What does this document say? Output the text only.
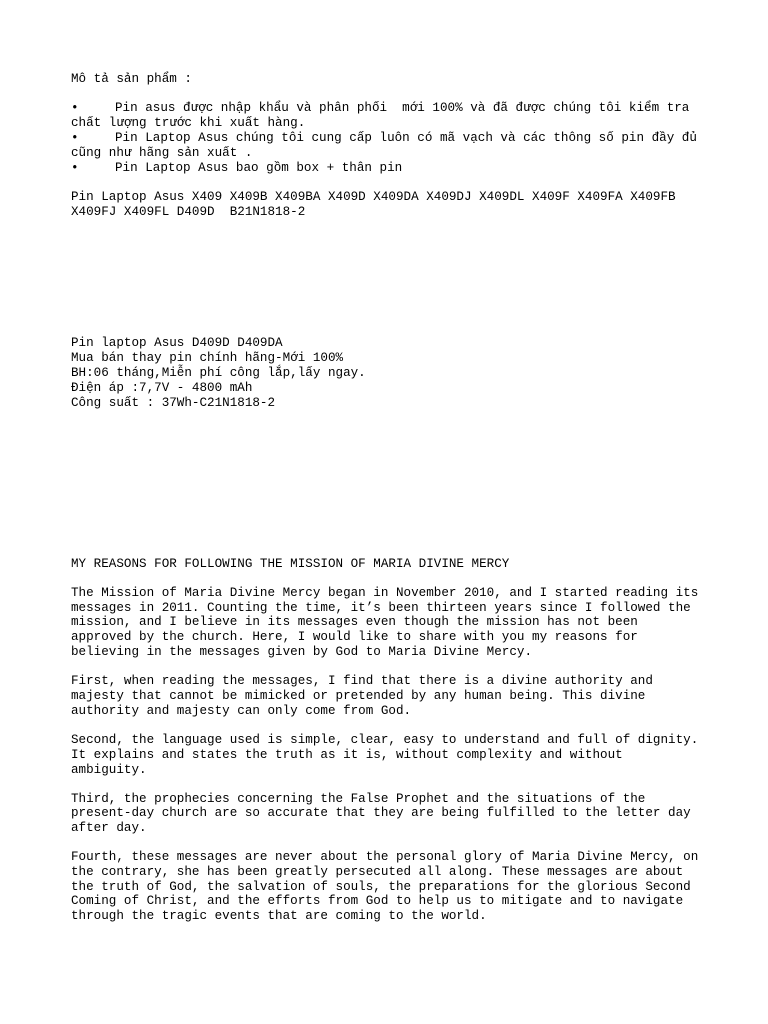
Mô tả sản phẩm :
•	Pin asus được nhập khẩu và phân phối  mới 100% và đã được chúng tôi kiểm tra
chất lượng trước khi xuất hàng.
•	Pin Laptop Asus chúng tôi cung cấp luôn có mã vạch và các thông số pin đầy đủ
cũng như hãng sản xuất .
•	Pin Laptop Asus bao gồm box + thân pin
Pin Laptop Asus X409 X409B X409BA X409D X409DA X409DJ X409DL X409F X409FA X409FB
X409FJ X409FL D409D  B21N1818-2
Pin laptop Asus D409D D409DA
Mua bán thay pin chính hãng-Mới 100%
BH:06 tháng,Miễn phí công lắp,lấy ngay.
Điện áp :7,7V - 4800 mAh
Công suất : 37Wh-C21N1818-2
MY REASONS FOR FOLLOWING THE MISSION OF MARIA DIVINE MERCY
The Mission of Maria Divine Mercy began in November 2010, and I started reading its
messages in 2011. Counting the time, it’s been thirteen years since I followed the
mission, and I believe in its messages even though the mission has not been
approved by the church. Here, I would like to share with you my reasons for
believing in the messages given by God to Maria Divine Mercy.
First, when reading the messages, I find that there is a divine authority and
majesty that cannot be mimicked or pretended by any human being. This divine
authority and majesty can only come from God.
Second, the language used is simple, clear, easy to understand and full of dignity.
It explains and states the truth as it is, without complexity and without
ambiguity.
Third, the prophecies concerning the False Prophet and the situations of the
present-day church are so accurate that they are being fulfilled to the letter day
after day.
Fourth, these messages are never about the personal glory of Maria Divine Mercy, on
the contrary, she has been greatly persecuted all along. These messages are about
the truth of God, the salvation of souls, the preparations for the glorious Second
Coming of Christ, and the efforts from God to help us to mitigate and to navigate
through the tragic events that are coming to the world.
